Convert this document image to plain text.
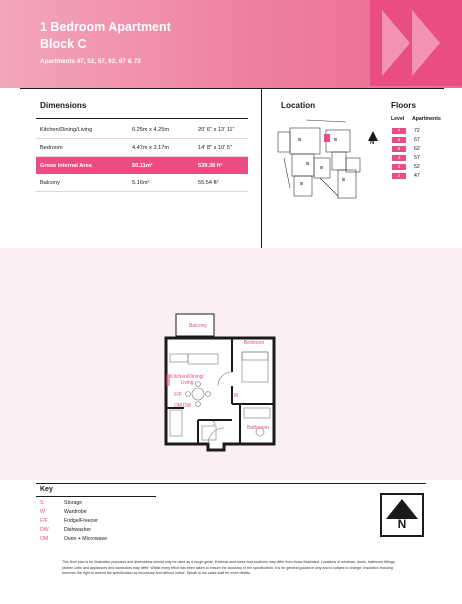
1 Bedroom Apartment
Block C
Apartments 47, 52, 57, 62, 67 & 72
Dimensions
Kitchen/Dining/Living	6.25m x 4.25m	20' 6" x 13' 11"
Bedroom	4.47m x 3.17m	14' 8" x 10' 5"
Gross Internal Area	50.11m²	539.38 ft²
Balcony	5.16m²	55.54 ft²
Location
N
Floors
Level Apartments
7	72
6	67
5	62
4	57
3	52
2	47
Balcony
Bedroom
Kitchen/Dining/
Living
Bathroom
F/F
DW
OM
S
W
Key
S	Storage
W	Wardrobe
F/F	Fridge/Freezer
DW	Dishwasher
OM	Oven + Microwave
N
This floor plan is for illustrative purposes and dimensions should only be used as a rough guide. External area sizes and locations may differ from those illustrated. Locations of windows, doors, bathroom fittings, kitchen units and appliances and wardrobes may differ. Whilst every effort has been taken to ensure the accuracy of the specification, it is for general guidance only and is subject to change. Insulation Housing reserves the right to amend the specification as necessary and without notice. Speak to our sales staff for more details.
